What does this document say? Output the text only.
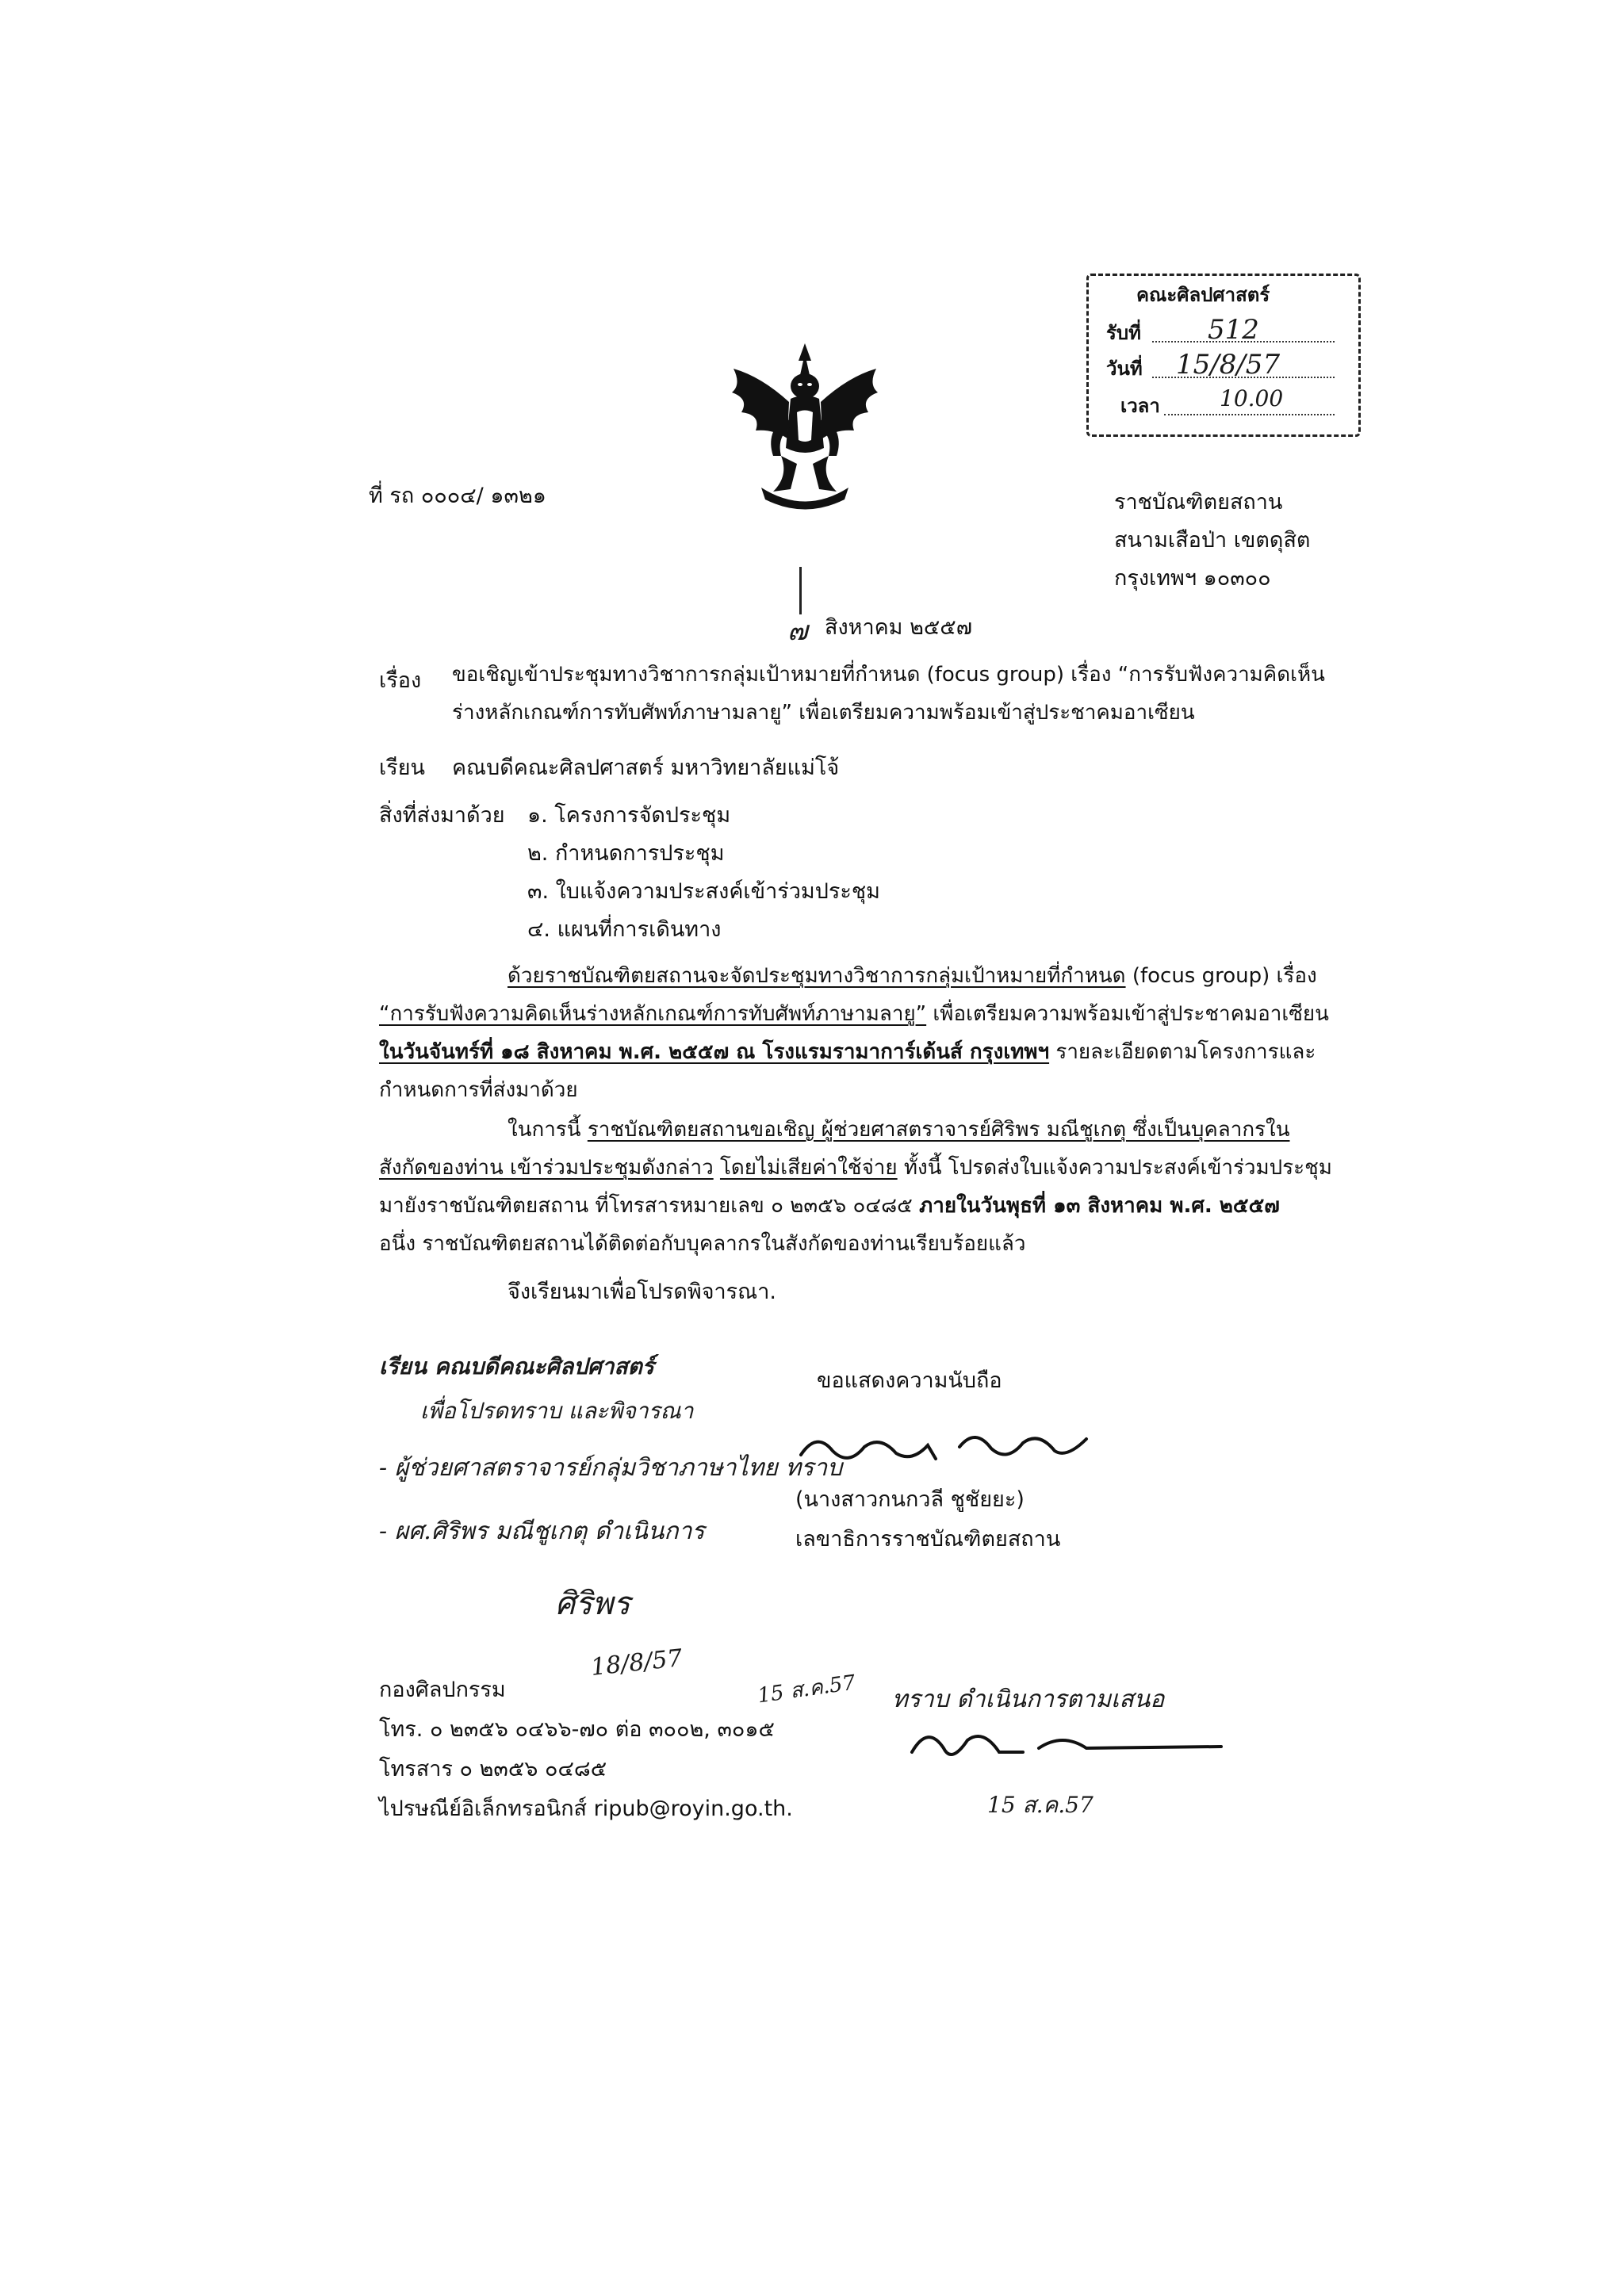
คณะศิลปศาสตร์
รับที่ 512
วันที่ 15/8/57
เวลา	10.00
ที่ รถ ๐๐๐๔/ ๑๓๒๑	ราชบัณฑิตยสถาน
สนามเสือป่า เขตดุสิต
กรุงเทพฯ ๑๐๓๐๐
๗ สิงหาคม ๒๕๕๗
เรื่อง ขอเชิญเข้าประชุมทางวิชาการกลุ่มเป้าหมายที่กำหนด (focus group) เรื่อง “การรับฟังความคิดเห็น
ร่างหลักเกณฑ์การทับศัพท์ภาษามลายู” เพื่อเตรียมความพร้อมเข้าสู่ประชาคมอาเซียน
เรียน คณบดีคณะศิลปศาสตร์ มหาวิทยาลัยแม่โจ้
สิ่งที่ส่งมาด้วย ๑. โครงการจัดประชุม
๒. กำหนดการประชุม
๓. ใบแจ้งความประสงค์เข้าร่วมประชุม
๔. แผนที่การเดินทาง
ด้วยราชบัณฑิตยสถานจะจัดประชุมทางวิชาการกลุ่มเป้าหมายที่กำหนด (focus group) เรื่อง
“การรับฟังความคิดเห็นร่างหลักเกณฑ์การทับศัพท์ภาษามลายู” เพื่อเตรียมความพร้อมเข้าสู่ประชาคมอาเซียน
ในวันจันทร์ที่ ๑๘ สิงหาคม พ.ศ. ๒๕๕๗ ณ โรงแรมรามาการ์เด้นส์ กรุงเทพฯ รายละเอียดตามโครงการและ
กำหนดการที่ส่งมาด้วย
ในการนี้ ราชบัณฑิตยสถานขอเชิญ ผู้ช่วยศาสตราจารย์ศิริพร มณีชูเกตุ ซึ่งเป็นบุคลากรใน
สังกัดของท่าน เข้าร่วมประชุมดังกล่าว โดยไม่เสียค่าใช้จ่าย ทั้งนี้ โปรดส่งใบแจ้งความประสงค์เข้าร่วมประชุม
มายังราชบัณฑิตยสถาน ที่โทรสารหมายเลข ๐ ๒๓๕๖ ๐๔๘๕ ภายในวันพุธที่ ๑๓ สิงหาคม พ.ศ. ๒๕๕๗
อนึ่ง ราชบัณฑิตยสถานได้ติดต่อกับบุคลากรในสังกัดของท่านเรียบร้อยแล้ว
จึงเรียนมาเพื่อโปรดพิจารณา.
เรียน คณบดีคณะศิลปศาสตร์
เพื่อโปรดทราบ และพิจารณา
- ผู้ช่วยศาสตราจารย์กลุ่มวิชาภาษาไทย ทราบ
- ผศ.ศิริพร มณีชูเกตุ ดำเนินการ
ศิริพร
18/8/57
15 ส.ค.57
ขอแสดงความนับถือ
(นางสาวกนกวลี ชูชัยยะ)
เลขาธิการราชบัณฑิตยสถาน
ทราบ ดำเนินการตามเสนอ
15 ส.ค.57
กองศิลปกรรม
โทร. ๐ ๒๓๕๖ ๐๔๖๖-๗๐ ต่อ ๓๐๐๒, ๓๐๑๕
โทรสาร ๐ ๒๓๕๖ ๐๔๘๕
ไปรษณีย์อิเล็กทรอนิกส์ ripub@royin.go.th.
